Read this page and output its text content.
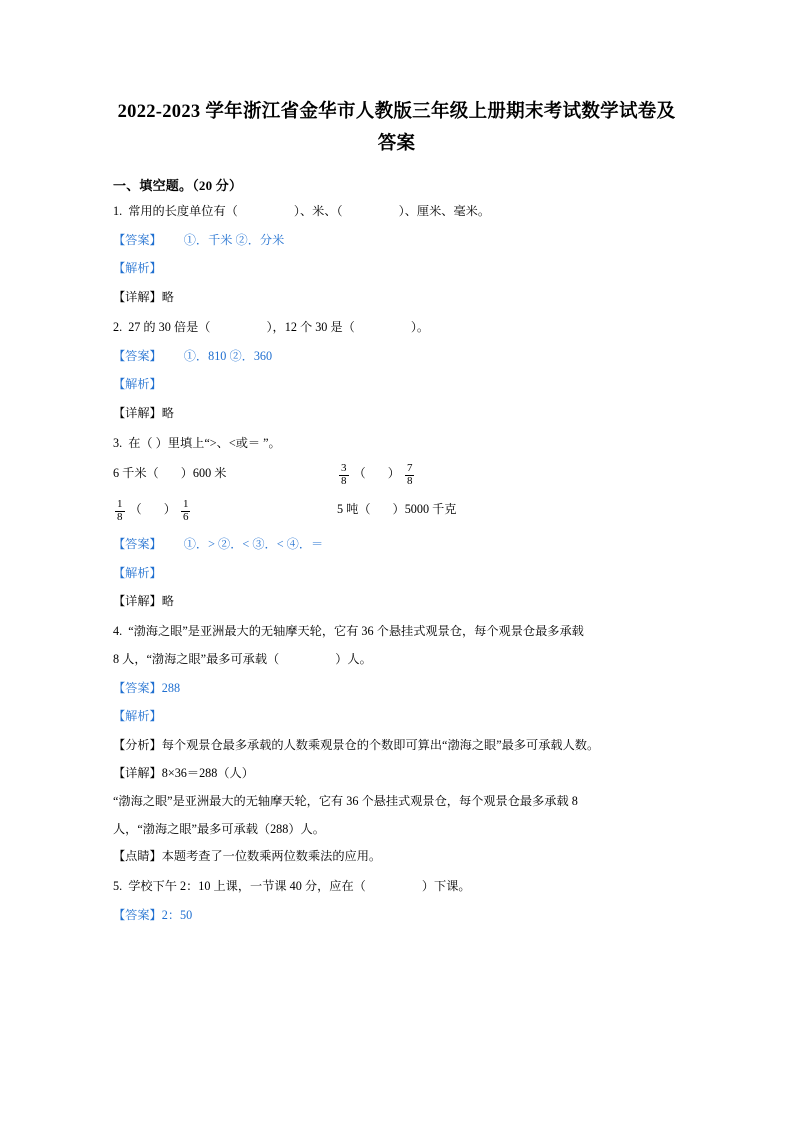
2022-2023 学年浙江省金华市人教版三年级上册期末考试数学试卷及答案
一、填空题。（20 分）
1. 常用的长度单位有（	）、米、（	）、厘米、毫米。
【答案】 ①．千米 ②．分米
【解析】
【详解】略
2. 27 的 30 倍是（	），12 个 30 是（	）。
【答案】 ①．810 ②．360
【解析】
【详解】略
3. 在（ ）里填上“>、<或＝ ”。
6 千米（ ）600 米	$\frac{3}{8}$ （ ） $\frac{7}{8}$
$\frac{1}{8}$ （ ） $\frac{1}{6}$	5 吨（ ）5000 千克
【答案】 ①．> ②．< ③．< ④．＝
【解析】
【详解】略
4. “渤海之眼”是亚洲最大的无轴摩天轮，它有 36 个悬挂式观景仓，每个观景仓最多承载
8 人，“渤海之眼”最多可承载（	）人。
【答案】288
【解析】
【分析】每个观景仓最多承载的人数乘观景仓的个数即可算出“渤海之眼”最多可承载人数。
【详解】8×36＝288（人）
“渤海之眼”是亚洲最大的无轴摩天轮，它有 36 个悬挂式观景仓，每个观景仓最多承载 8
人，“渤海之眼”最多可承载（288）人。
【点睛】本题考查了一位数乘两位数乘法的应用。
5. 学校下午 2：10 上课，一节课 40 分，应在（	）下课。
【答案】2：50
